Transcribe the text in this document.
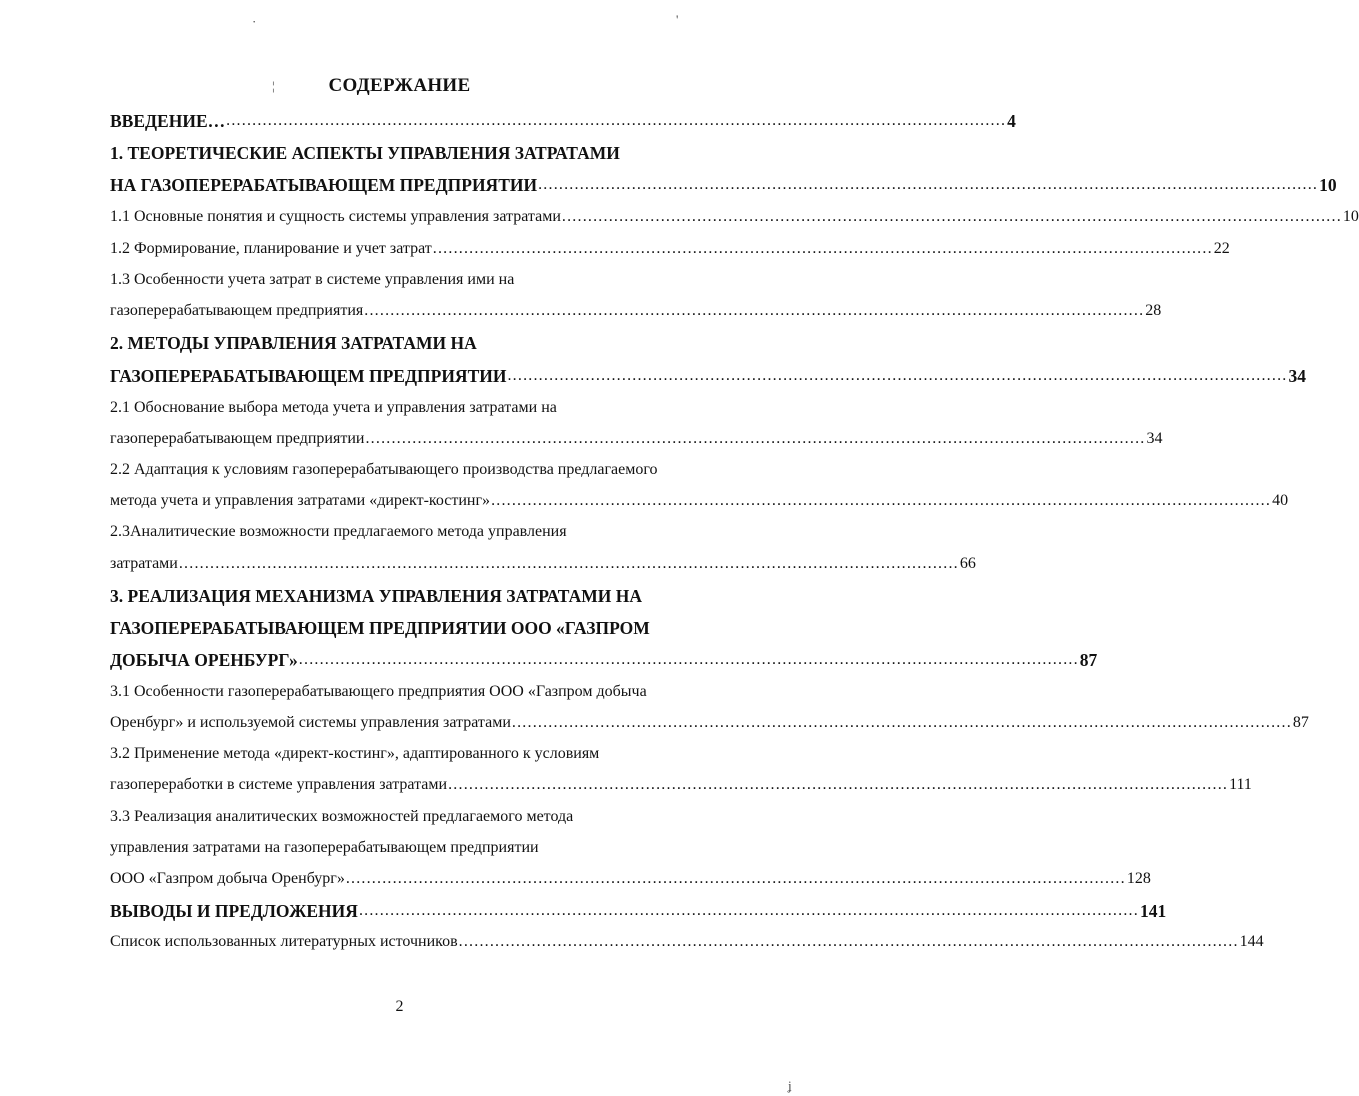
·	'
¦
ʝ
СОДЕРЖАНИЕ
ВВЕДЕНИЕ… ...................................................................................................................................................... 4
1. ТЕОРЕТИЧЕСКИЕ АСПЕКТЫ УПРАВЛЕНИЯ ЗАТРАТАМИ
НА ГАЗОПЕРЕРАБАТЫВАЮЩЕМ ПРЕДПРИЯТИИ ...................................................................................................................................................... 10
1.1 Основные понятия и сущность системы управления затратами ...................................................................................................................................................... 10
1.2 Формирование, планирование и учет затрат ...................................................................................................................................................... 22
1.3 Особенности учета затрат в системе управления ими на
газоперерабатывающем предприятия ...................................................................................................................................................... 28
2. МЕТОДЫ УПРАВЛЕНИЯ ЗАТРАТАМИ НА
ГАЗОПЕРЕРАБАТЫВАЮЩЕМ ПРЕДПРИЯТИИ ...................................................................................................................................................... 34
2.1 Обоснование выбора метода учета и управления затратами на
газоперерабатывающем предприятии ...................................................................................................................................................... 34
2.2 Адаптация к условиям газоперерабатывающего производства предлагаемого
метода учета и управления затратами «директ-костинг» ...................................................................................................................................................... 40
2.3Аналитические возможности предлагаемого метода управления
затратами ...................................................................................................................................................... 66
3. РЕАЛИЗАЦИЯ МЕХАНИЗМА УПРАВЛЕНИЯ ЗАТРАТАМИ НА
ГАЗОПЕРЕРАБАТЫВАЮЩЕМ ПРЕДПРИЯТИИ ООО «ГАЗПРОМ
ДОБЫЧА ОРЕНБУРГ» ...................................................................................................................................................... 87
3.1 Особенности газоперерабатывающего предприятия ООО «Газпром добыча
Оренбург» и используемой системы управления затратами ...................................................................................................................................................... 87
3.2 Применение метода «директ-костинг», адаптированного к условиям
газопереработки в системе управления затратами ...................................................................................................................................................... 111
3.3 Реализация аналитических возможностей предлагаемого метода
управления затратами на газоперерабатывающем предприятии
ООО «Газпром добыча Оренбург» ...................................................................................................................................................... 128
ВЫВОДЫ И ПРЕДЛОЖЕНИЯ ...................................................................................................................................................... 141
Список использованных литературных источников ...................................................................................................................................................... 144
2
